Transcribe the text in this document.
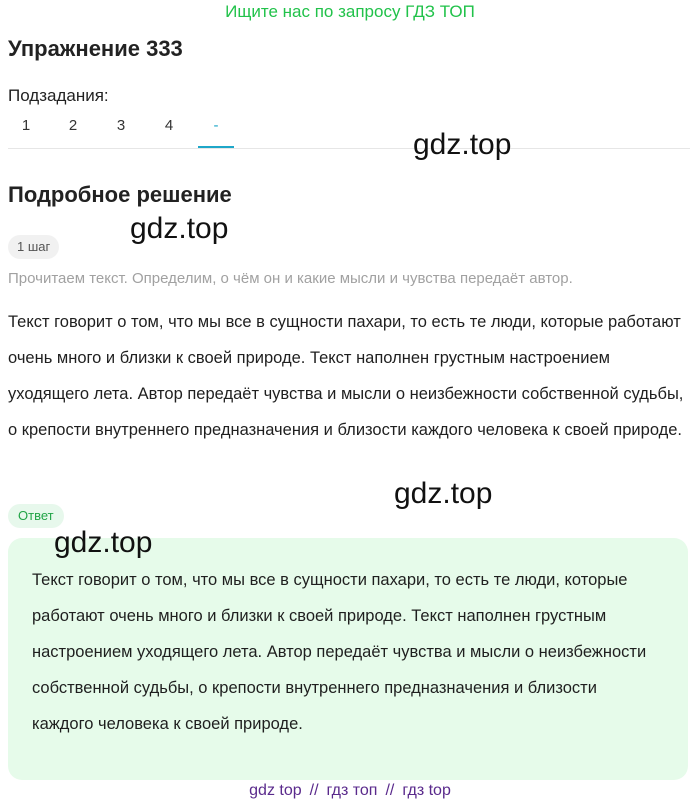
Ищите нас по запросу ГДЗ ТОП
Упражнение 333
Подзадания:
1	2	3	4	-
Подробное решение
1 шаг
Прочитаем текст. Определим, о чём он и какие мысли и чувства передаёт автор.
Текст говорит о том, что мы все в сущности пахари, то есть те люди, которые работают очень много и близки к своей природе. Текст наполнен грустным настроением уходящего лета. Автор передаёт чувства и мысли о неизбежности собственной судьбы, о крепости внутреннего предназначения и близости каждого человека к своей природе.
Ответ
Текст говорит о том, что мы все в сущности пахари, то есть те люди, которые работают очень много и близки к своей природе. Текст наполнен грустным настроением уходящего лета. Автор передаёт чувства и мысли о неизбежности собственной судьбы, о крепости внутреннего предназначения и близости каждого человека к своей природе.
gdz.top
gdz.top
gdz.top
gdz.top
gdz top // гдз топ // гдз top
